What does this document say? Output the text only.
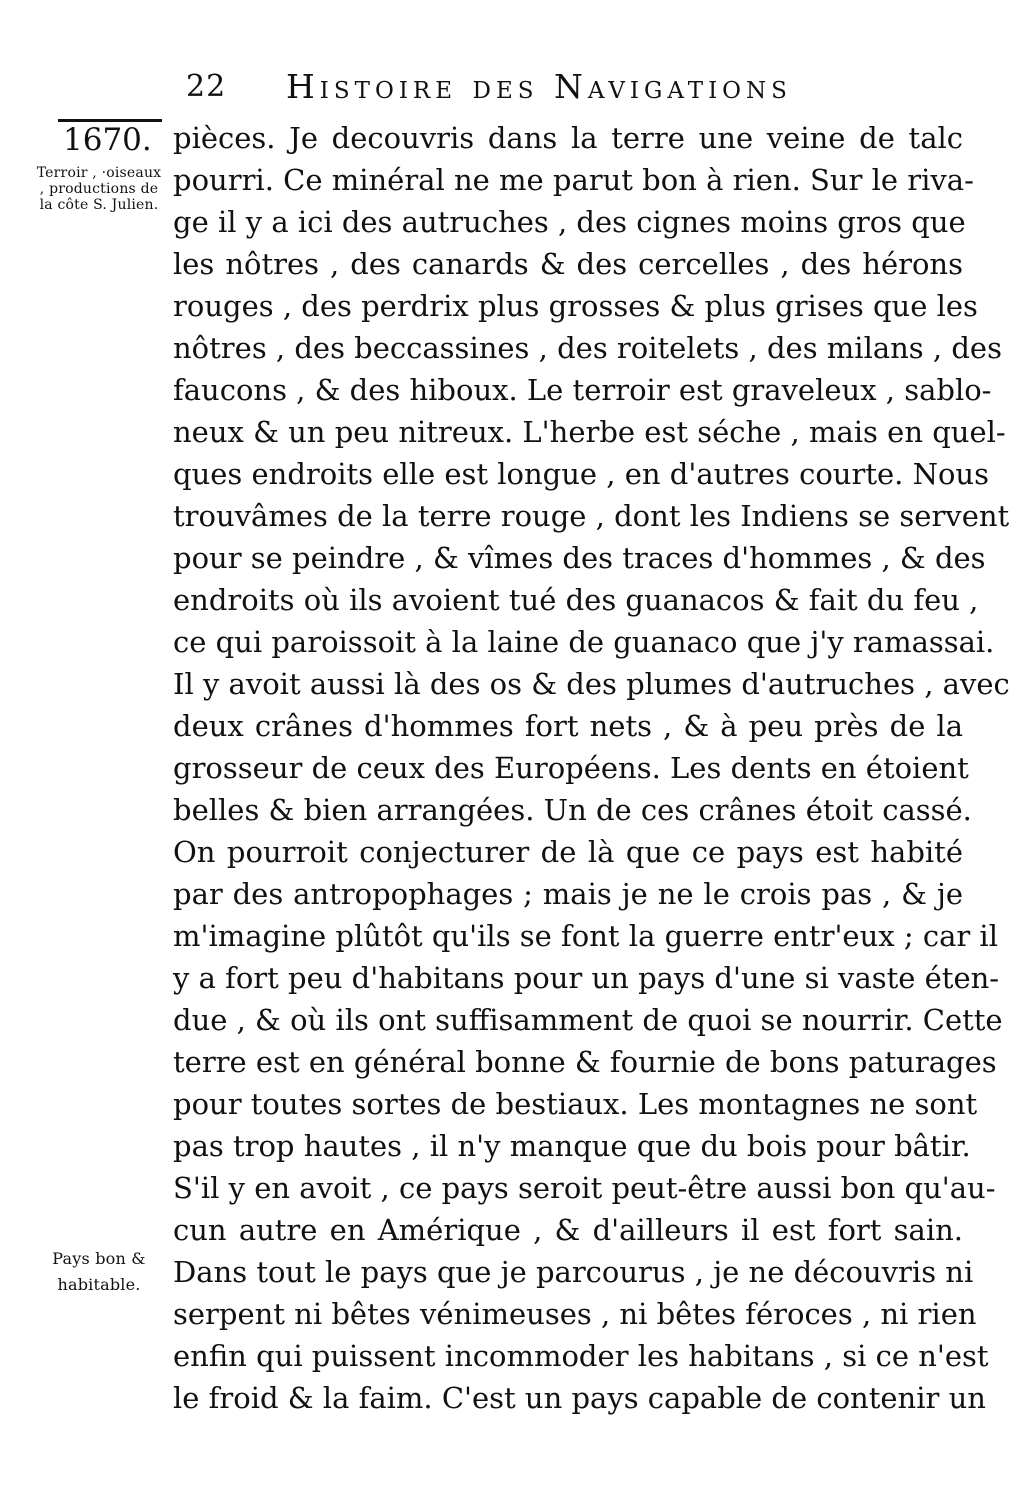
22 Histoire des Navigations
1670.
Terroir , ·oiseaux , productions de la côte S. Julien.
Pays bon & habitable.
pièces. Je decouvris dans la terre une veine de talc
pourri. Ce minéral ne me parut bon à rien. Sur le riva-
ge il y a ici des autruches , des cignes moins gros que
les nôtres , des canards & des cercelles , des hérons
rouges , des perdrix plus grosses & plus grises que les
nôtres , des beccassines , des roitelets , des milans , des
faucons , & des hiboux. Le terroir est graveleux , sablo-
neux & un peu nitreux. L'herbe est séche , mais en quel-
ques endroits elle est longue , en d'autres courte. Nous
trouvâmes de la terre rouge , dont les Indiens se servent
pour se peindre , & vîmes des traces d'hommes , & des
endroits où ils avoient tué des guanacos & fait du feu ,
ce qui paroissoit à la laine de guanaco que j'y ramassai.
Il y avoit aussi là des os & des plumes d'autruches , avec
deux crânes d'hommes fort nets , & à peu près de la
grosseur de ceux des Européens. Les dents en étoient
belles & bien arrangées. Un de ces crânes étoit cassé.
On pourroit conjecturer de là que ce pays est habité
par des antropophages ; mais je ne le crois pas , & je
m'imagine plûtôt qu'ils se font la guerre entr'eux ; car il
y a fort peu d'habitans pour un pays d'une si vaste éten-
due , & où ils ont suffisamment de quoi se nourrir. Cette
terre est en général bonne & fournie de bons paturages
pour toutes sortes de bestiaux. Les montagnes ne sont
pas trop hautes , il n'y manque que du bois pour bâtir.
S'il y en avoit , ce pays seroit peut-être aussi bon qu'au-
cun autre en Amérique , & d'ailleurs il est fort sain.
Dans tout le pays que je parcourus , je ne découvris ni
serpent ni bêtes vénimeuses , ni bêtes féroces , ni rien
enfin qui puissent incommoder les habitans , si ce n'est
le froid & la faim. C'est un pays capable de contenir un
